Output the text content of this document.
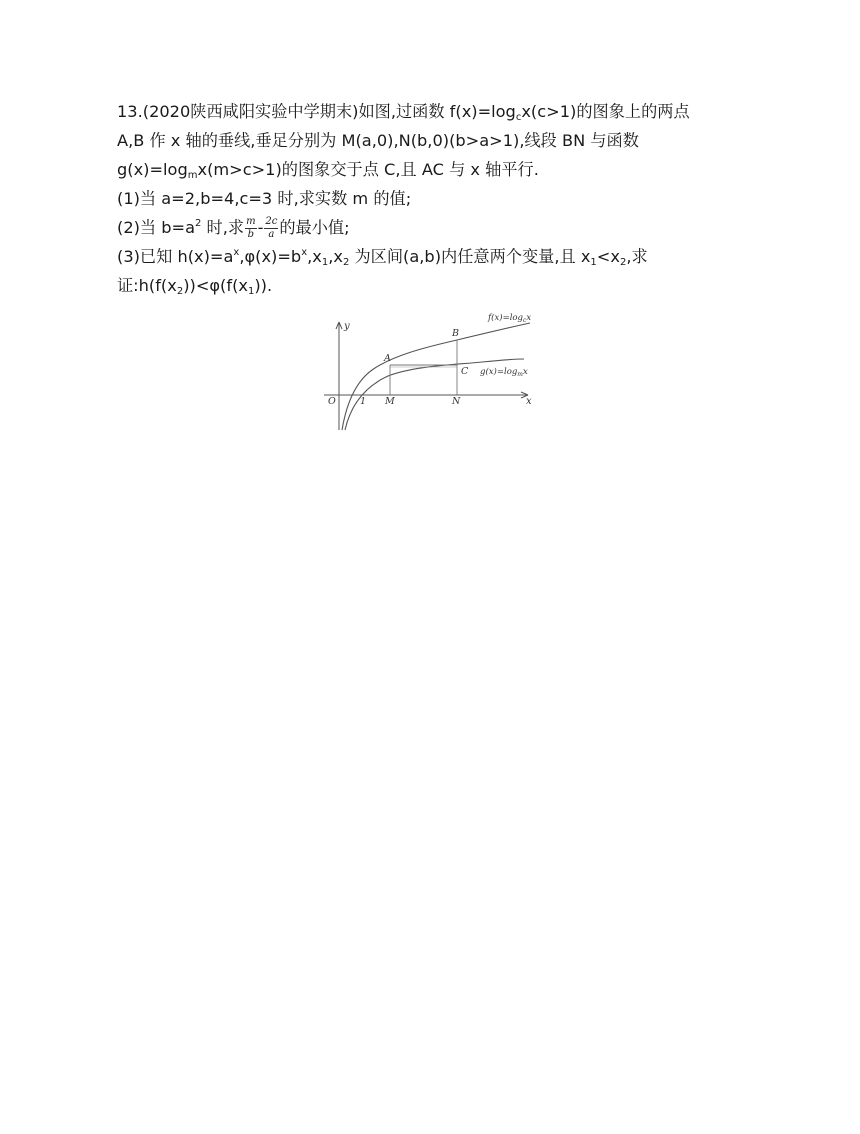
13.(2020陕西咸阳实验中学期末)如图,过函数 $f(x)=\log_cx(c>1)$的图象上的两点
A,B 作 x 轴的垂线,垂足分别为 M(a,0),N(b,0)(b>a>1),线段 BN 与函数
$g(x)=\log_mx(m>c>1)$的图象交于点 C,且 AC 与 x 轴平行.
(1)当 a=2,b=4,c=3 时,求实数 m 的值;
(2)当 $b=a^2$ 时,求 $\frac{m}{b} - \frac{2c}{a}$ 的最小值;
(3)已知 $h(x)=a^x,\varphi(x)=b^x,x_1,x_2$ 为区间(a,b)内任意两个变量,且 $x_1<x_2$,求
证$:h(f(x_2))<\varphi(f(x_1))$.
y
x
O	1 M	N
A
B
C
$f(x)=\log_cx$
$g(x)=\log_mx$
